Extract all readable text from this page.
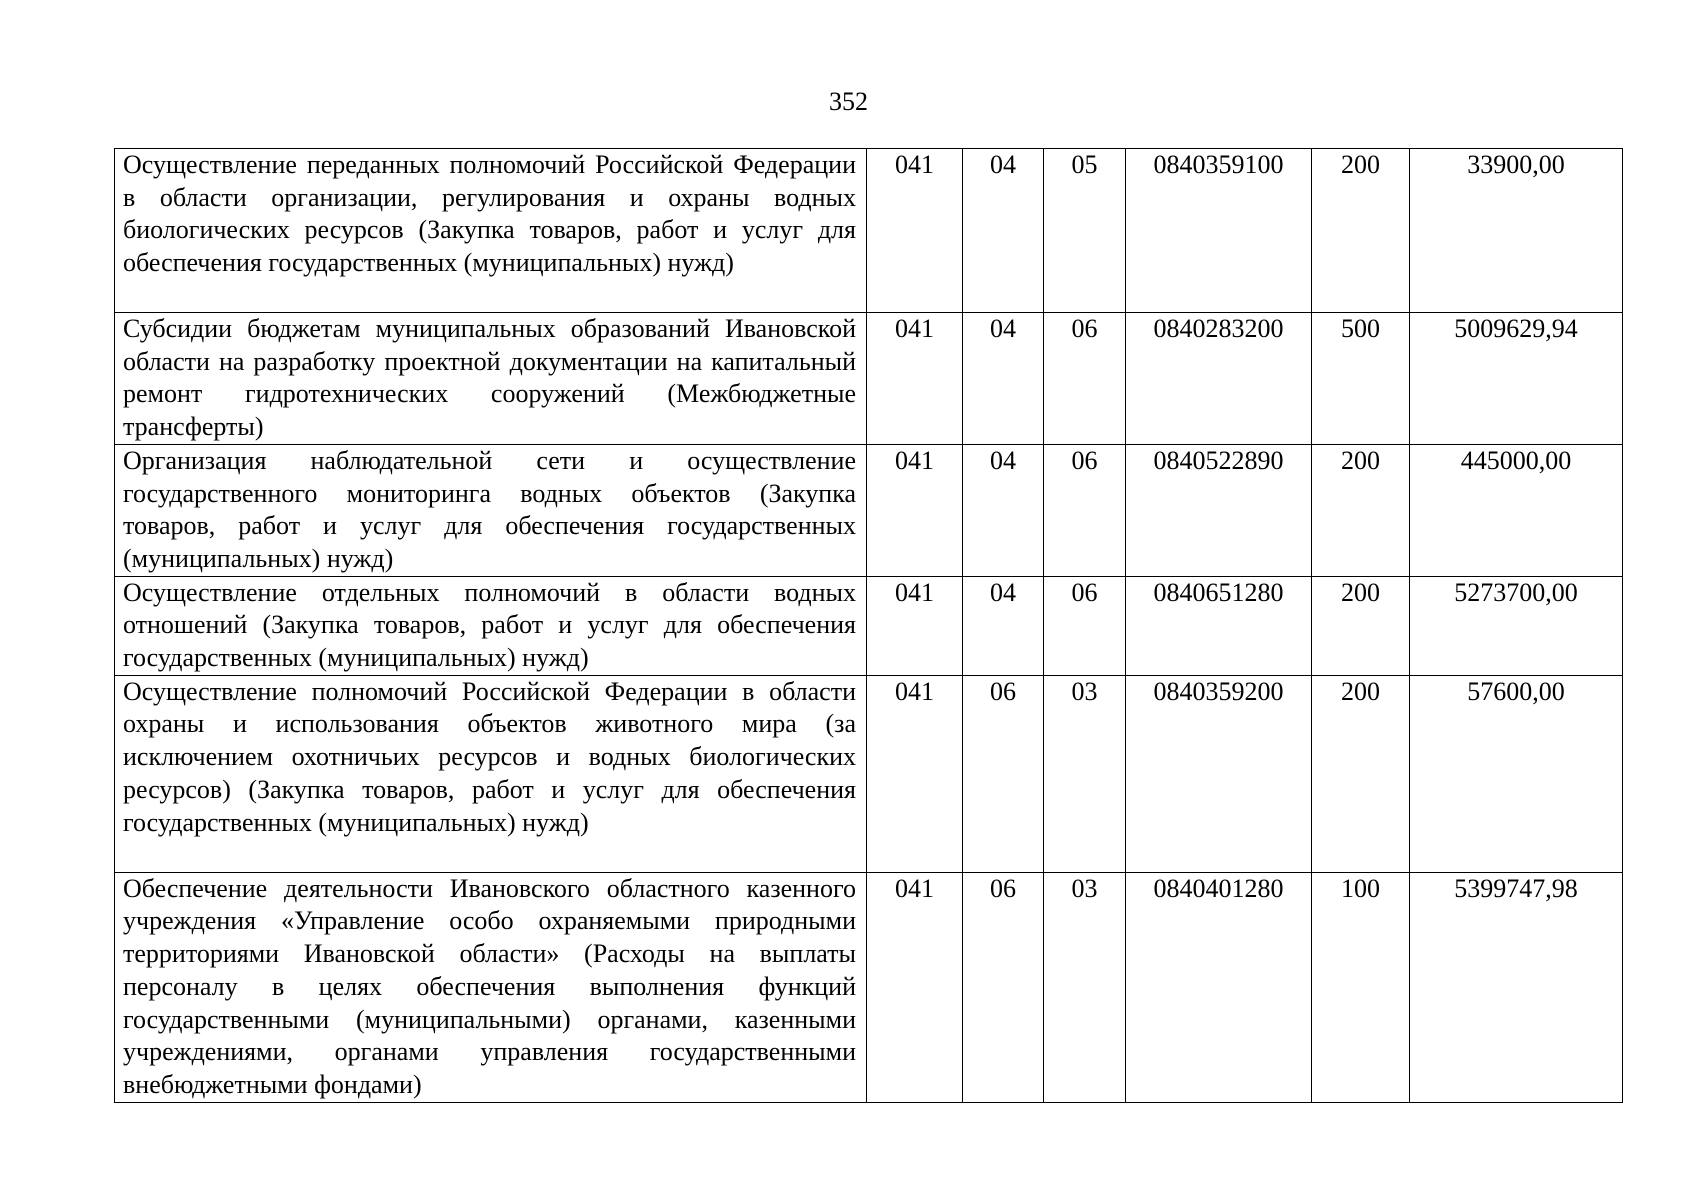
352
Осуществление переданных полномочий Российской Федерации в области организации, регулирования и охраны водных биологических ресурсов (Закупка товаров, работ и услуг для обеспечения государственных (муниципальных) нужд)	041	04	05	0840359100	200	33900,00
Субсидии бюджетам муниципальных образований Ивановской области на разработку проектной документации на капитальный ремонт гидротехнических сооружений (Межбюджетные трансферты)	041	04	06	0840283200	500	5009629,94
Организация наблюдательной сети и осуществление государственного мониторинга водных объектов (Закупка товаров, работ и услуг для обеспечения государственных (муниципальных) нужд)	041	04	06	0840522890	200	445000,00
Осуществление отдельных полномочий в области водных отношений (Закупка товаров, работ и услуг для обеспечения государственных (муниципальных) нужд)	041	04	06	0840651280	200	5273700,00
Осуществление полномочий Российской Федерации в области охраны и использования объектов животного мира (за исключением охотничьих ресурсов и водных биологических ресурсов) (Закупка товаров, работ и услуг для обеспечения государственных (муниципальных) нужд)	041	06	03	0840359200	200	57600,00
Обеспечение деятельности Ивановского областного казенного учреждения «Управление особо охраняемыми природными территориями Ивановской области» (Расходы на выплаты персоналу в целях обеспечения выполнения функций государственными (муниципальными) органами, казенными учреждениями, органами управления государственными внебюджетными фондами)	041	06	03	0840401280	100	5399747,98
